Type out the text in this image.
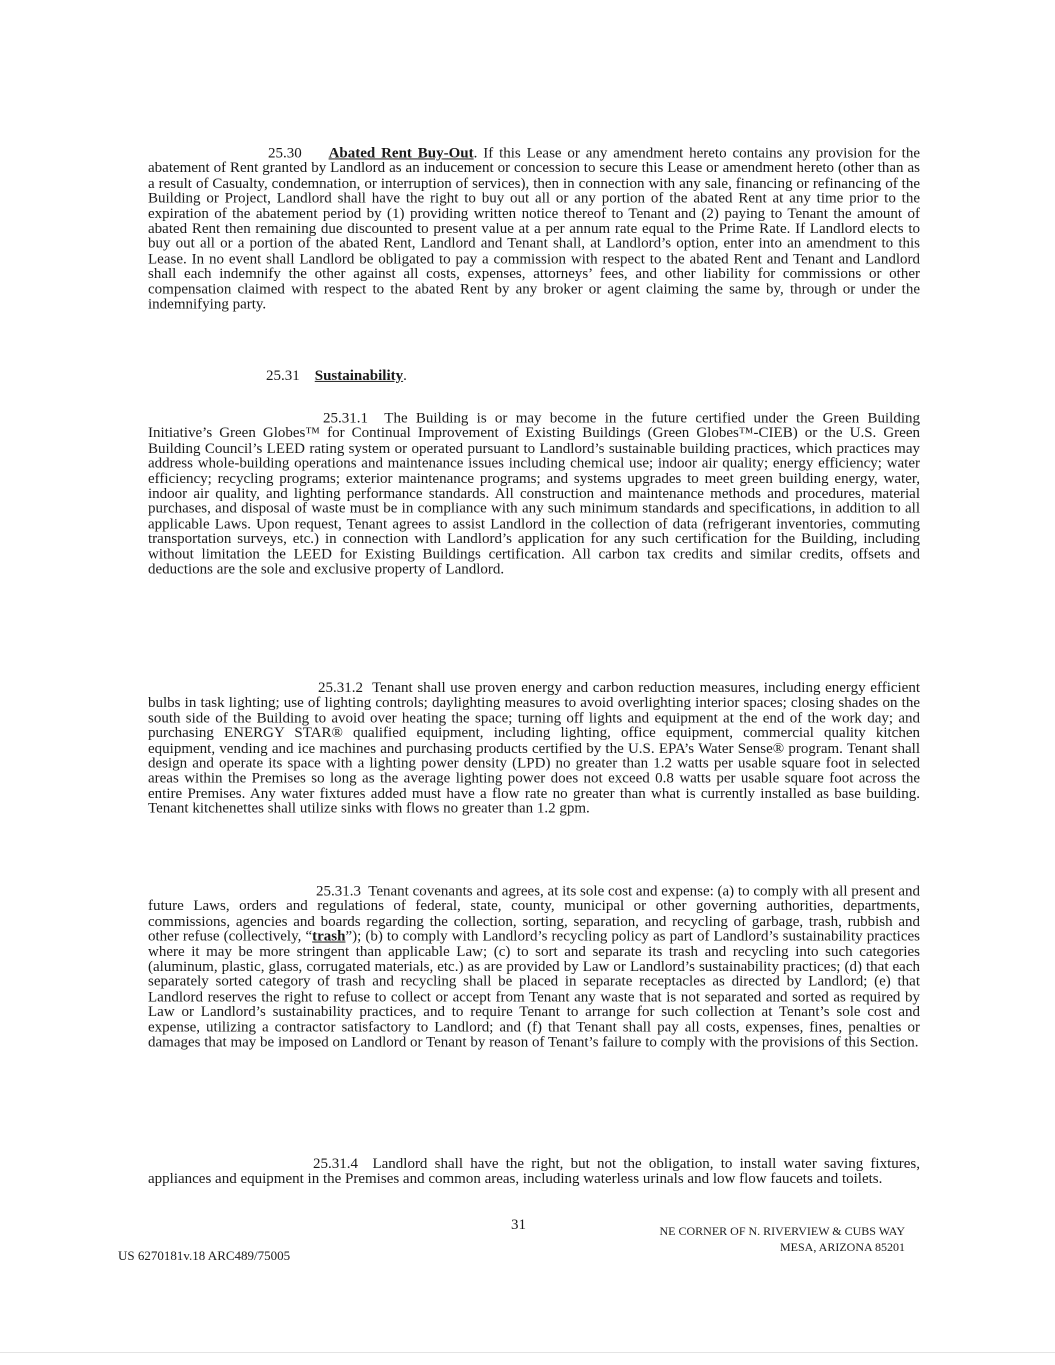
25.30 Abated Rent Buy-Out. If this Lease or any amendment hereto contains any provision for the abatement of Rent granted by Landlord as an inducement or concession to secure this Lease or amendment hereto (other than as a result of Casualty, condemnation, or interruption of services), then in connection with any sale, financing or refinancing of the Building or Project, Landlord shall have the right to buy out all or any portion of the abated Rent at any time prior to the expiration of the abatement period by (1) providing written notice thereof to Tenant and (2) paying to Tenant the amount of abated Rent then remaining due discounted to present value at a per annum rate equal to the Prime Rate. If Landlord elects to buy out all or a portion of the abated Rent, Landlord and Tenant shall, at Landlord’s option, enter into an amendment to this Lease. In no event shall Landlord be obligated to pay a commission with respect to the abated Rent and Tenant and Landlord shall each indemnify the other against all costs, expenses, attorneys’ fees, and other liability for commissions or other compensation claimed with respect to the abated Rent by any broker or agent claiming the same by, through or under the indemnifying party.
25.31 Sustainability.
25.31.1 The Building is or may become in the future certified under the Green Building Initiative’s Green Globes™ for Continual Improvement of Existing Buildings (Green Globes™-CIEB) or the U.S. Green Building Council’s LEED rating system or operated pursuant to Landlord’s sustainable building practices, which practices may address whole-building operations and maintenance issues including chemical use; indoor air quality; energy efficiency; water efficiency; recycling programs; exterior maintenance programs; and systems upgrades to meet green building energy, water, indoor air quality, and lighting performance standards. All construction and maintenance methods and procedures, material purchases, and disposal of waste must be in compliance with any such minimum standards and specifications, in addition to all applicable Laws. Upon request, Tenant agrees to assist Landlord in the collection of data (refrigerant inventories, commuting transportation surveys, etc.) in connection with Landlord’s application for any such certification for the Building, including without limitation the LEED for Existing Buildings certification. All carbon tax credits and similar credits, offsets and deductions are the sole and exclusive property of Landlord.
25.31.2 Tenant shall use proven energy and carbon reduction measures, including energy efficient bulbs in task lighting; use of lighting controls; daylighting measures to avoid overlighting interior spaces; closing shades on the south side of the Building to avoid over heating the space; turning off lights and equipment at the end of the work day; and purchasing ENERGY STAR® qualified equipment, including lighting, office equipment, commercial quality kitchen equipment, vending and ice machines and purchasing products certified by the U.S. EPA’s Water Sense® program. Tenant shall design and operate its space with a lighting power density (LPD) no greater than 1.2 watts per usable square foot in selected areas within the Premises so long as the average lighting power does not exceed 0.8 watts per usable square foot across the entire Premises. Any water fixtures added must have a flow rate no greater than what is currently installed as base building. Tenant kitchenettes shall utilize sinks with flows no greater than 1.2 gpm.
25.31.3 Tenant covenants and agrees, at its sole cost and expense: (a) to comply with all present and future Laws, orders and regulations of federal, state, county, municipal or other governing authorities, departments, commissions, agencies and boards regarding the collection, sorting, separation, and recycling of garbage, trash, rubbish and other refuse (collectively, “trash”); (b) to comply with Landlord’s recycling policy as part of Landlord’s sustainability practices where it may be more stringent than applicable Law; (c) to sort and separate its trash and recycling into such categories (aluminum, plastic, glass, corrugated materials, etc.) as are provided by Law or Landlord’s sustainability practices; (d) that each separately sorted category of trash and recycling shall be placed in separate receptacles as directed by Landlord; (e) that Landlord reserves the right to refuse to collect or accept from Tenant any waste that is not separated and sorted as required by Law or Landlord’s sustainability practices, and to require Tenant to arrange for such collection at Tenant’s sole cost and expense, utilizing a contractor satisfactory to Landlord; and (f) that Tenant shall pay all costs, expenses, fines, penalties or damages that may be imposed on Landlord or Tenant by reason of Tenant’s failure to comply with the provisions of this Section.
25.31.4 Landlord shall have the right, but not the obligation, to install water saving fixtures, appliances and equipment in the Premises and common areas, including waterless urinals and low flow faucets and toilets.
31	NE CORNER OF N. RIVERVIEW & CUBS WAY
MESA, ARIZONA 85201
US 6270181v.18 ARC489/75005
